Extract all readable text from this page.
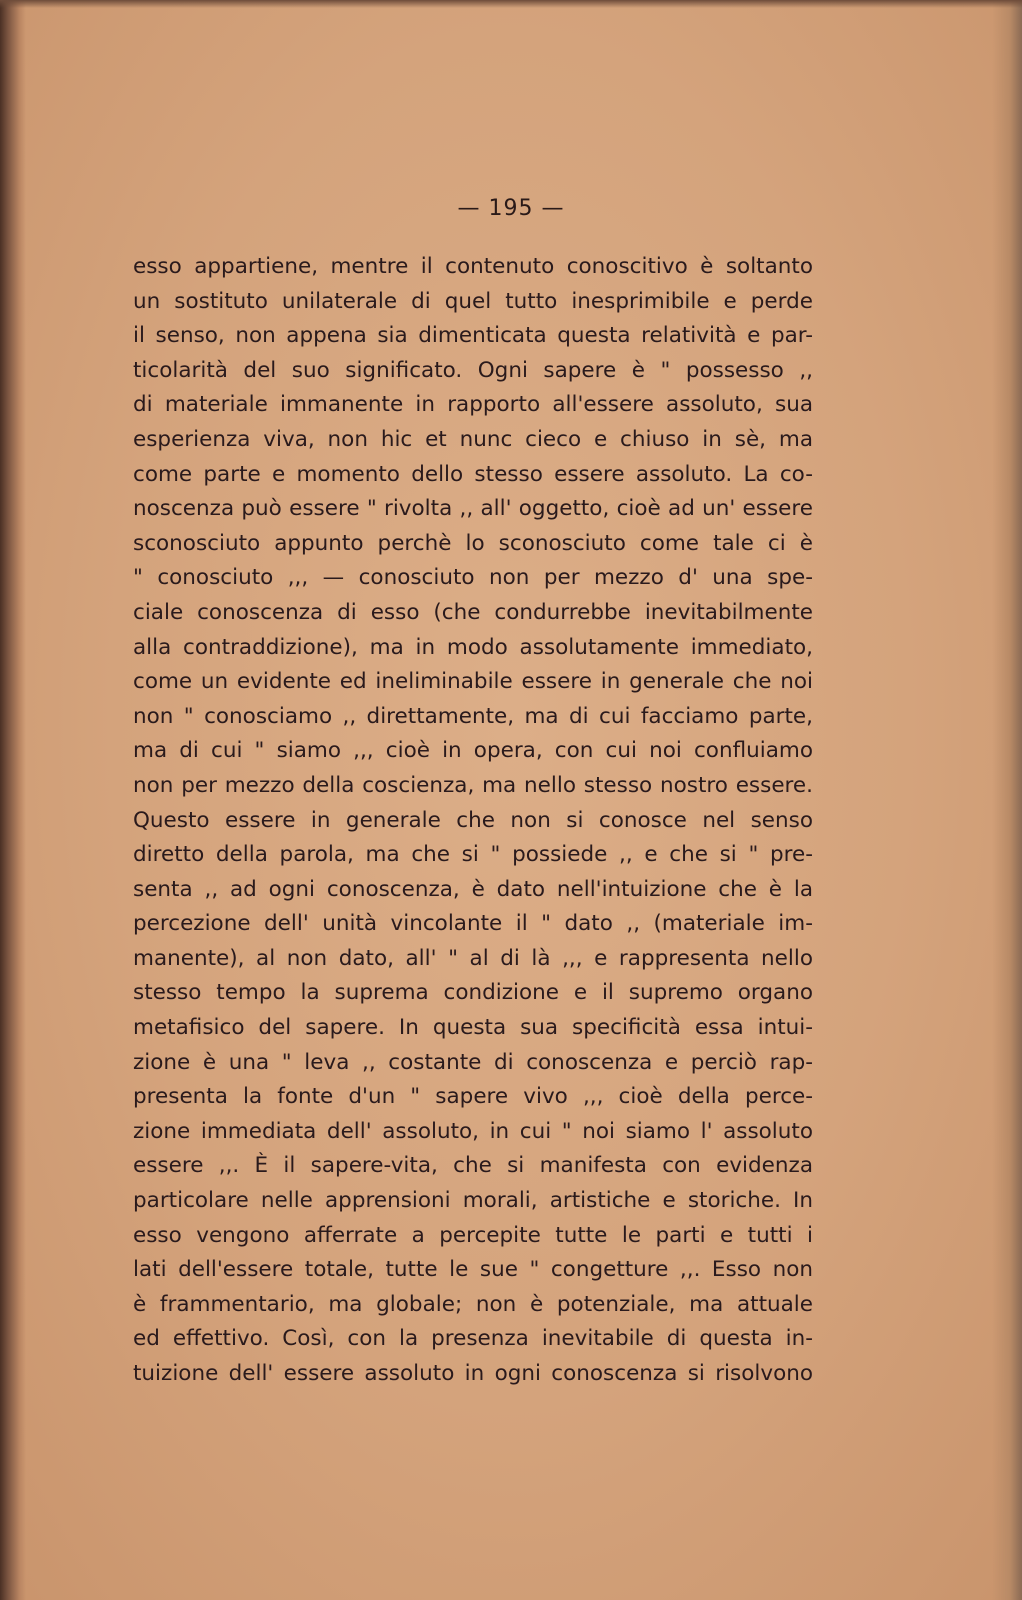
— 195 —

esso appartiene, mentre il contenuto conoscitivo è soltanto
un sostituto unilaterale di quel tutto inesprimibile e perde
il senso, non appena sia dimenticata questa relatività e par-
ticolarità del suo significato. Ogni sapere è " possesso ,,
di materiale immanente in rapporto all'essere assoluto, sua
esperienza viva, non hic et nunc cieco e chiuso in sè, ma
come parte e momento dello stesso essere assoluto. La co-
noscenza può essere " rivolta ,, all' oggetto, cioè ad un' essere
sconosciuto appunto perchè lo sconosciuto come tale ci è
" conosciuto ,,, — conosciuto non per mezzo d' una spe-
ciale conoscenza di esso (che condurrebbe inevitabilmente
alla contraddizione), ma in modo assolutamente immediato,
come un evidente ed ineliminabile essere in generale che noi
non " conosciamo ,, direttamente, ma di cui facciamo parte,
ma di cui " siamo ,,, cioè in opera, con cui noi confluiamo
non per mezzo della coscienza, ma nello stesso nostro essere.
Questo essere in generale che non si conosce nel senso
diretto della parola, ma che si " possiede ,, e che si " pre-
senta ,, ad ogni conoscenza, è dato nell'intuizione che è la
percezione dell' unità vincolante il " dato ,, (materiale im-
manente), al non dato, all' " al di là ,,, e rappresenta nello
stesso tempo la suprema condizione e il supremo organo
metafisico del sapere. In questa sua specificità essa intui-
zione è una " leva ,, costante di conoscenza e perciò rap-
presenta la fonte d'un " sapere vivo ,,, cioè della perce-
zione immediata dell' assoluto, in cui " noi siamo l' assoluto
essere ,,. È il sapere-vita, che si manifesta con evidenza
particolare nelle apprensioni morali, artistiche e storiche. In
esso vengono afferrate a percepite tutte le parti e tutti i
lati dell'essere totale, tutte le sue " congetture ,,. Esso non
è frammentario, ma globale; non è potenziale, ma attuale
ed effettivo. Così, con la presenza inevitabile di questa in-
tuizione dell' essere assoluto in ogni conoscenza si risolvono
